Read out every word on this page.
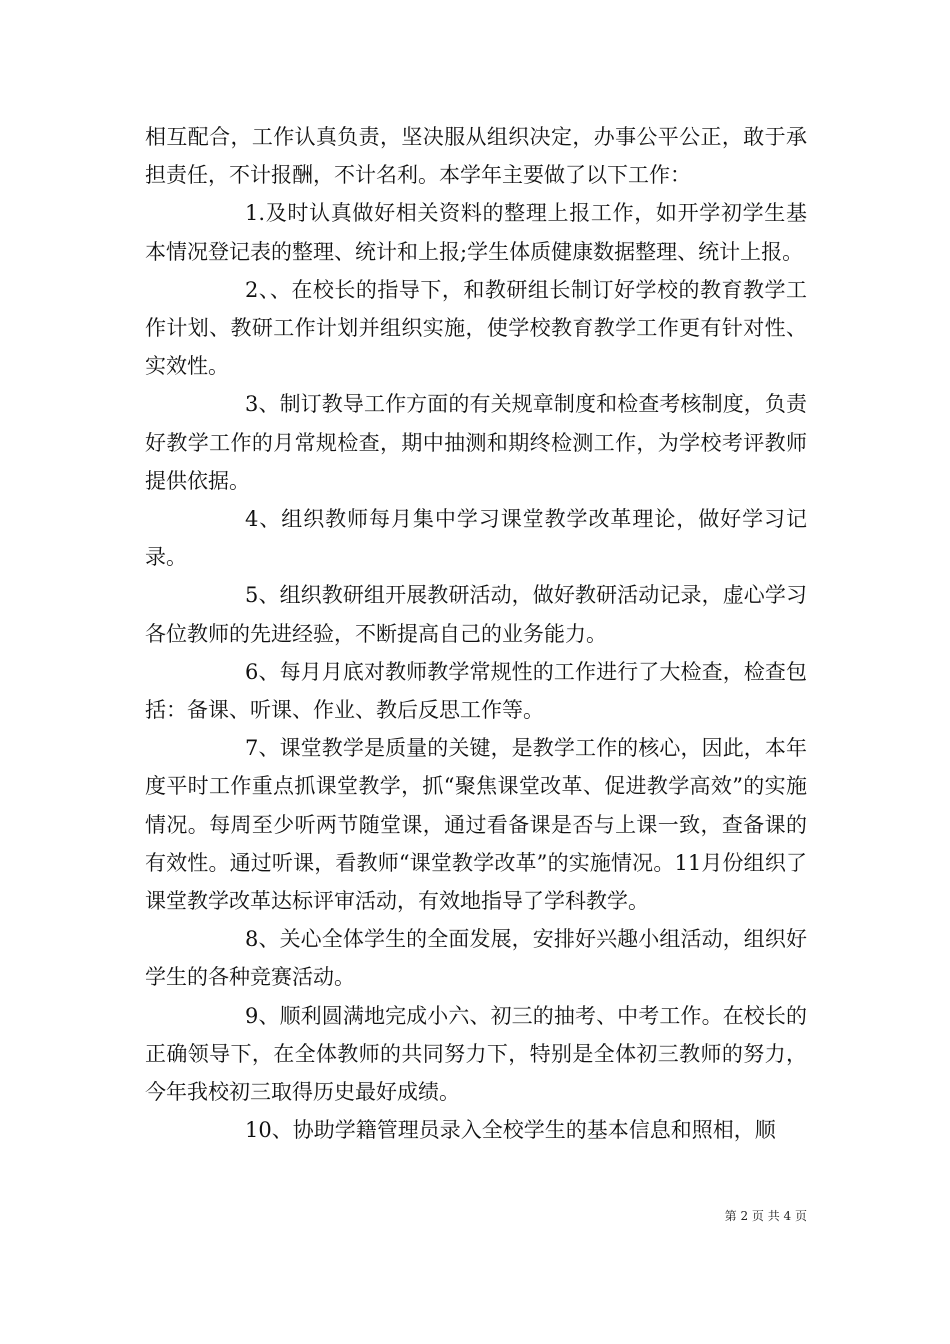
相互配合，工作认真负责，坚决服从组织决定，办事公平公正，敢于承担责任，不计报酬，不计名利。本学年主要做了以下工作：

1.及时认真做好相关资料的整理上报工作，如开学初学生基本情况登记表的整理、统计和上报;学生体质健康数据整理、统计上报。

2、、在校长的指导下，和教研组长制订好学校的教育教学工作计划、教研工作计划并组织实施，使学校教育教学工作更有针对性、实效性。

3、制订教导工作方面的有关规章制度和检查考核制度，负责好教学工作的月常规检查，期中抽测和期终检测工作，为学校考评教师提供依据。

4、组织教师每月集中学习课堂教学改革理论，做好学习记录。

5、组织教研组开展教研活动，做好教研活动记录，虚心学习各位教师的先进经验，不断提高自己的业务能力。

6、每月月底对教师教学常规性的工作进行了大检查，检查包括：备课、听课、作业、教后反思工作等。

7、课堂教学是质量的关键，是教学工作的核心，因此，本年度平时工作重点抓课堂教学，抓“聚焦课堂改革、促进教学高效”的实施情况。每周至少听两节随堂课，通过看备课是否与上课一致，查备课的有效性。通过听课，看教师“课堂教学改革”的实施情况。11月份组织了课堂教学改革达标评审活动，有效地指导了学科教学。

8、关心全体学生的全面发展，安排好兴趣小组活动，组织好学生的各种竞赛活动。

9、顺利圆满地完成小六、初三的抽考、中考工作。在校长的正确领导下，在全体教师的共同努力下，特别是全体初三教师的努力，今年我校初三取得历史最好成绩。

10、协助学籍管理员录入全校学生的基本信息和照相，顺

第 2 页 共 4 页
